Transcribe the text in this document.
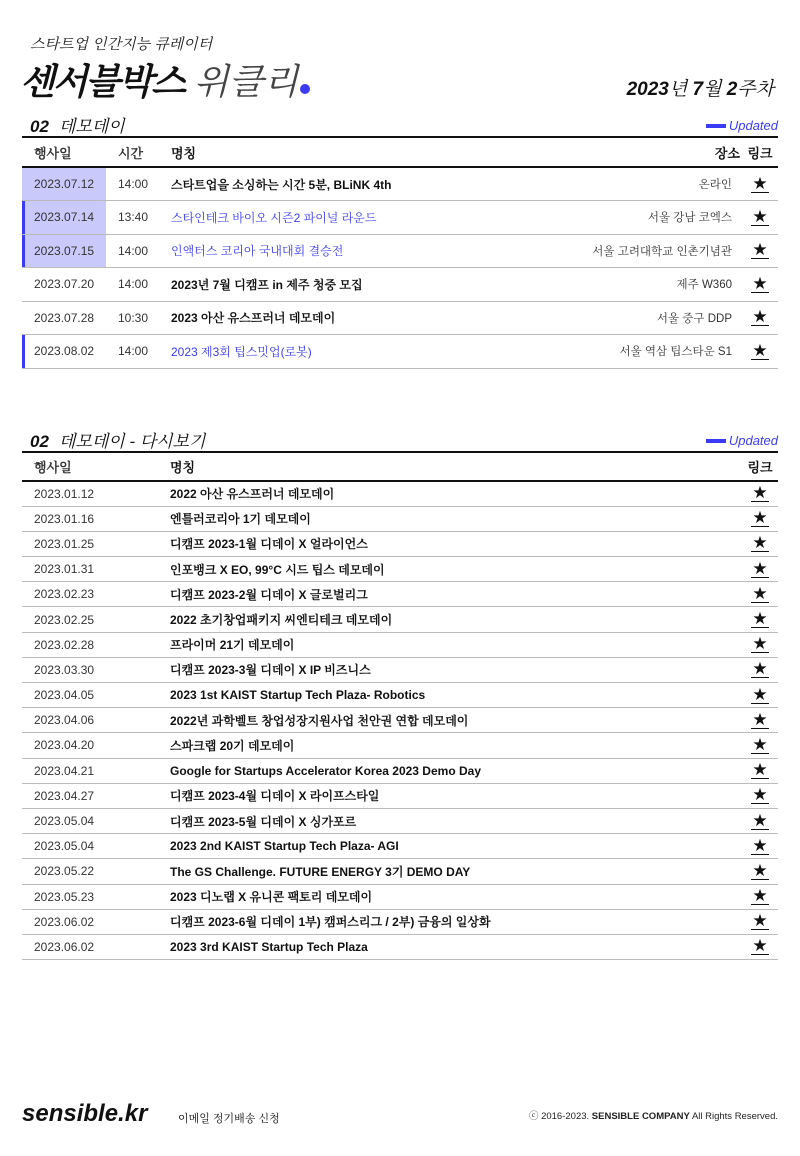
스타트업 인간지능 큐레이터
센서블박스 위클리	2023년 7월 2주차
02 데모데이	Updated
행사일	시간	명칭	장소	링크
2023.07.12	14:00	스타트업을 소싱하는 시간 5분, BLiNK 4th	온라인	★
2023.07.14	13:40	스타인테크 바이오 시즌2 파이널 라운드	서울 강남 코엑스	★
2023.07.15	14:00	인액터스 코리아 국내대회 결승전	서울 고려대학교 인촌기념관	★
2023.07.20	14:00	2023년 7월 디캠프 in 제주 청중 모집	제주 W360	★
2023.07.28	10:30	2023 아산 유스프러너 데모데이	서울 중구 DDP	★
2023.08.02	14:00	2023 제3회 팁스밋업(로봇)	서울 역삼 팁스타운 S1	★
02 데모데이 - 다시보기	Updated
행사일	명칭	링크
2023.01.12	2022 아산 유스프러너 데모데이	★
2023.01.16	엔틀러코리아 1기 데모데이	★
2023.01.25	디캠프 2023-1월 디데이 X 얼라이언스	★
2023.01.31	인포뱅크 X EO, 99°C 시드 팁스 데모데이	★
2023.02.23	디캠프 2023-2월 디데이 X 글로벌리그	★
2023.02.25	2022 초기창업패키지 씨엔티테크 데모데이	★
2023.02.28	프라이머 21기 데모데이	★
2023.03.30	디캠프 2023-3월 디데이 X IP 비즈니스	★
2023.04.05	2023 1st KAIST Startup Tech Plaza- Robotics	★
2023.04.06	2022년 과학벨트 창업성장지원사업 천안권 연합 데모데이	★
2023.04.20	스파크랩 20기 데모데이	★
2023.04.21	Google for Startups Accelerator Korea 2023 Demo Day	★
2023.04.27	디캠프 2023-4월 디데이 X 라이프스타일	★
2023.05.04	디캠프 2023-5월 디데이 X 싱가포르	★
2023.05.04	2023 2nd KAIST Startup Tech Plaza- AGI	★
2023.05.22	The GS Challenge. FUTURE ENERGY 3기 DEMO DAY	★
2023.05.23	2023 디노랩 X 유니콘 팩토리 데모데이	★
2023.06.02	디캠프 2023-6월 디데이 1부) 캠퍼스리그 / 2부) 금융의 일상화	★
2023.06.02	2023 3rd KAIST Startup Tech Plaza	★
sensible.kr	이메일 정기배송 신청	ⓒ 2016-2023. SENSIBLE COMPANY All Rights Reserved.
